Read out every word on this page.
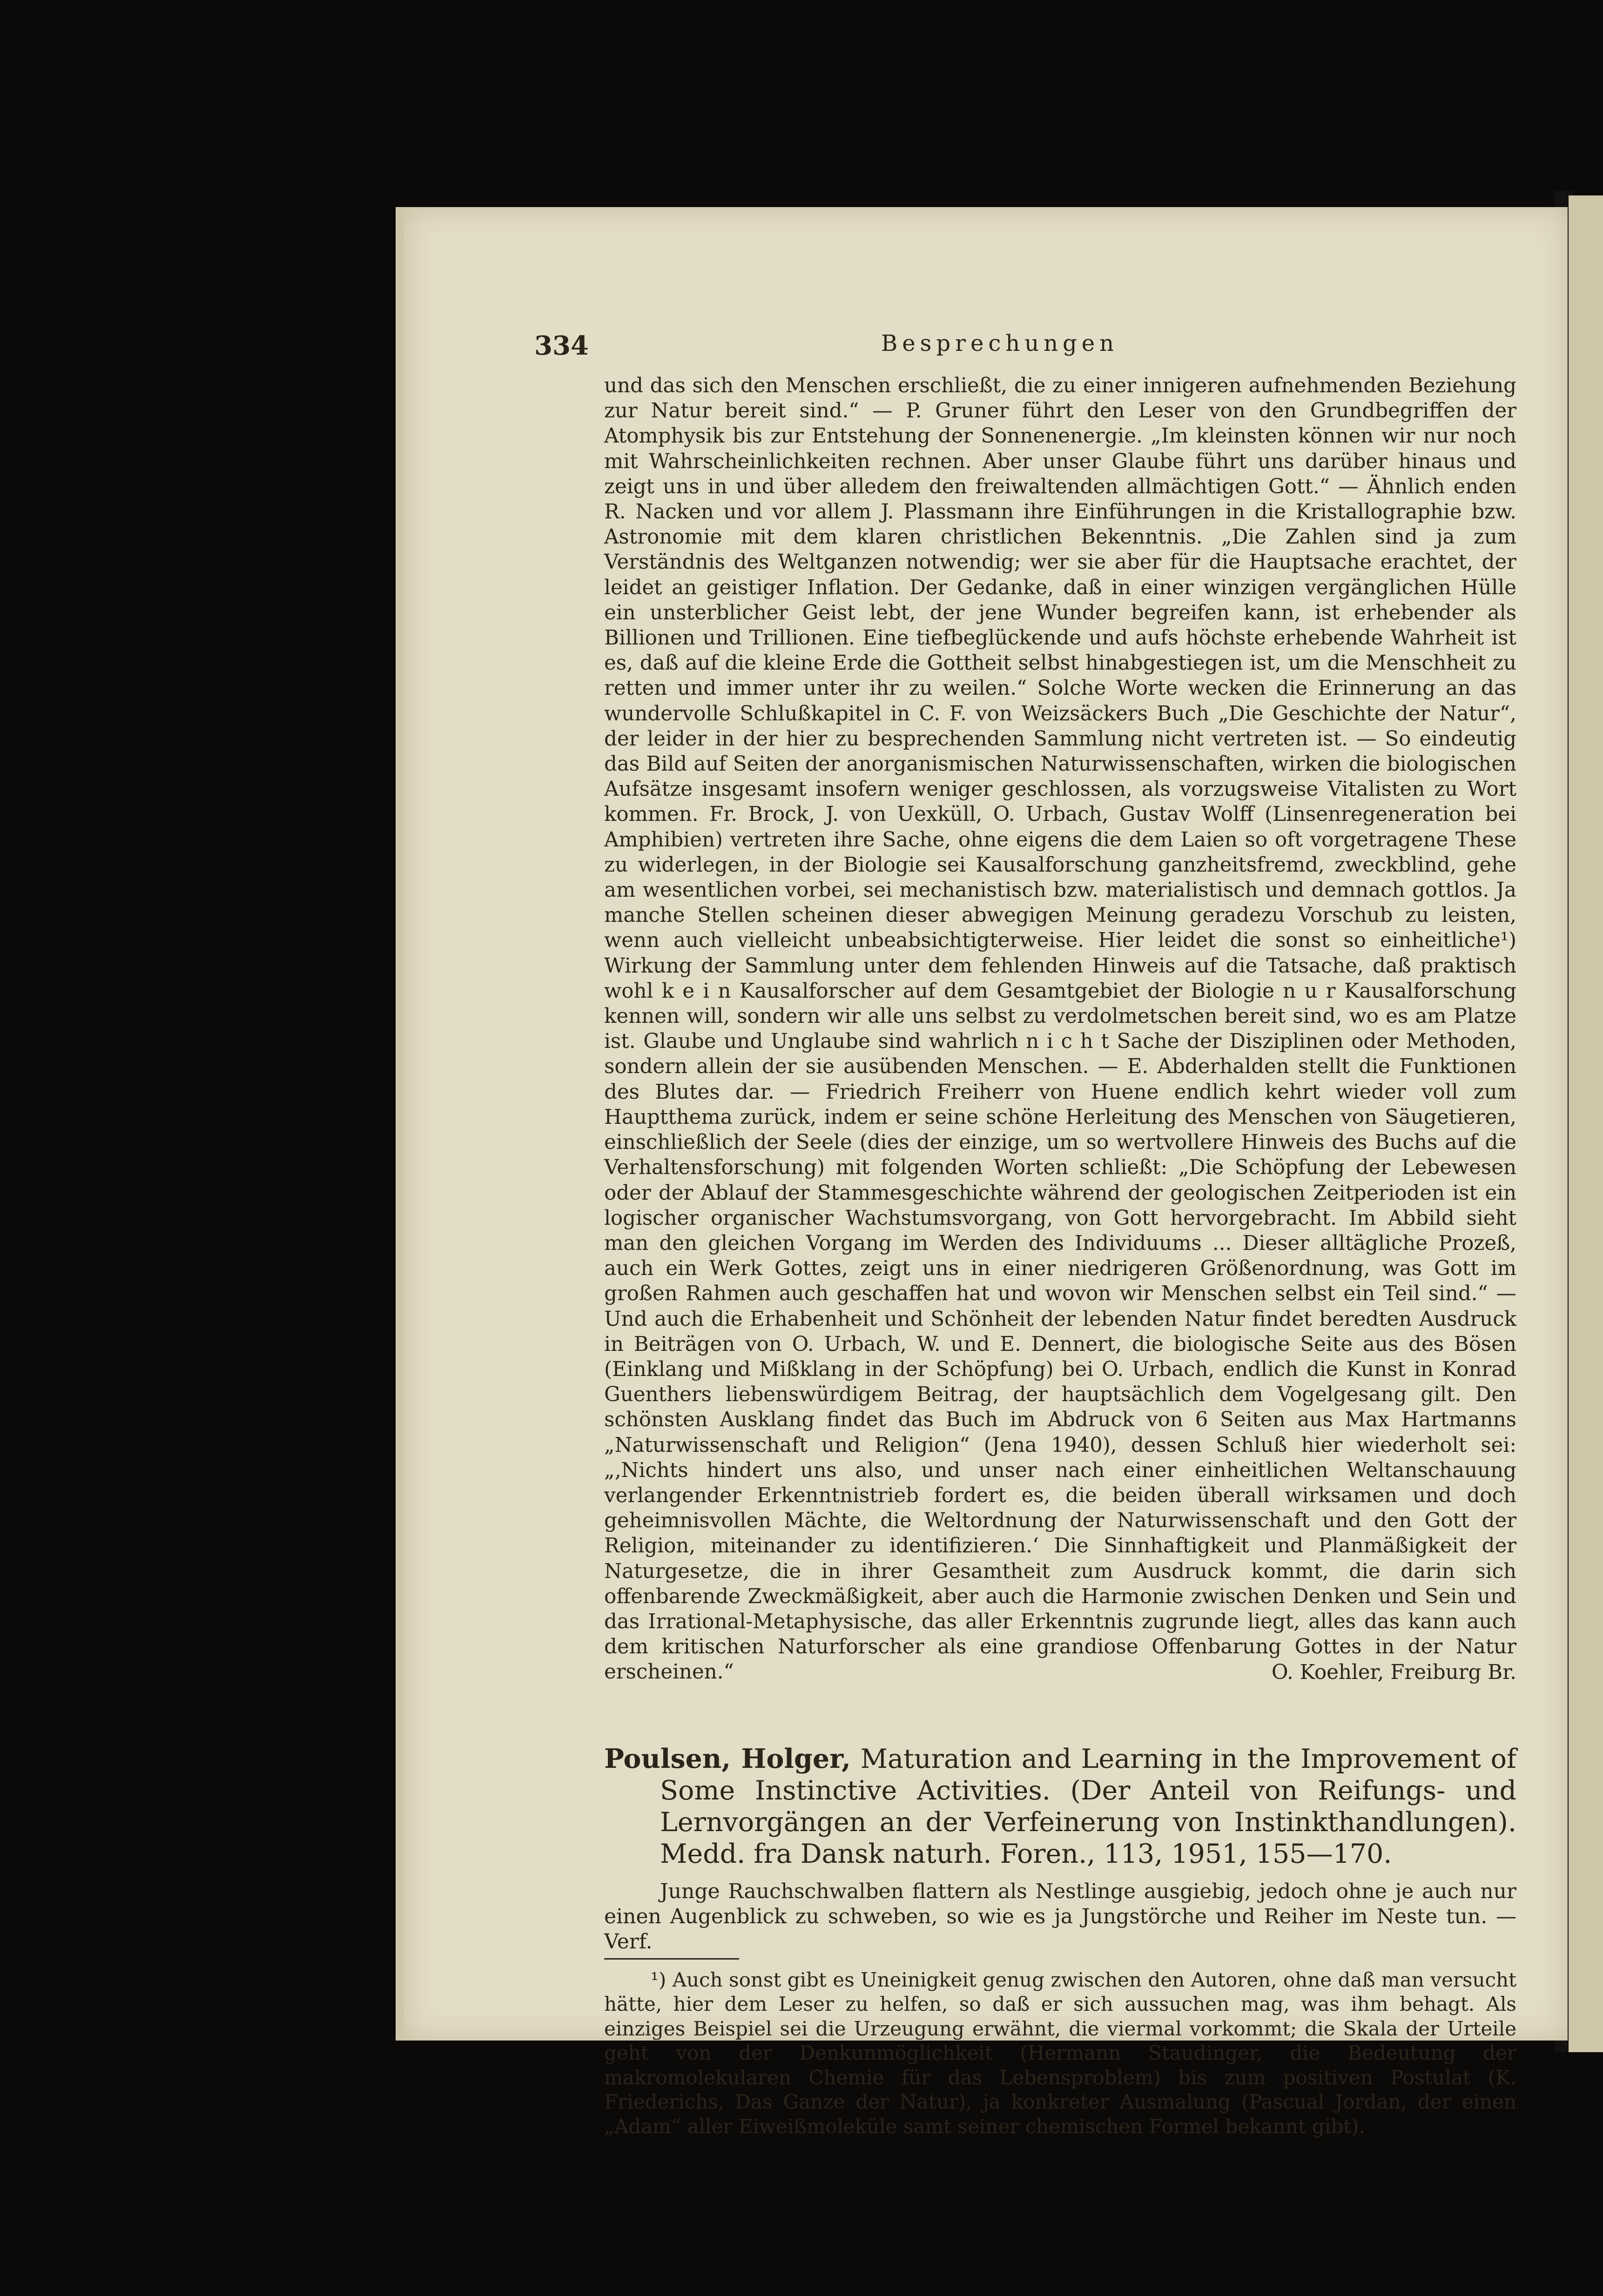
334	Besprechungen

und das sich den Menschen erschließt, die zu einer innigeren aufnehmenden Beziehung zur Natur bereit sind.“ — P. Gruner führt den Leser von den Grundbegriffen der Atomphysik bis zur Entstehung der Sonnenenergie. „Im kleinsten können wir nur noch mit Wahrscheinlichkeiten rechnen. Aber unser Glaube führt uns darüber hinaus und zeigt uns in und über alledem den freiwaltenden allmächtigen Gott.“ — Ähnlich enden R. Nacken und vor allem J. Plassmann ihre Einführungen in die Kristallographie bzw. Astronomie mit dem klaren christlichen Bekenntnis. „Die Zahlen sind ja zum Verständnis des Weltganzen notwendig; wer sie aber für die Hauptsache erachtet, der leidet an geistiger Inflation. Der Gedanke, daß in einer winzigen vergänglichen Hülle ein unsterblicher Geist lebt, der jene Wunder begreifen kann, ist erhebender als Billionen und Trillionen. Eine tiefbeglückende und aufs höchste erhebende Wahrheit ist es, daß auf die kleine Erde die Gottheit selbst hinabgestiegen ist, um die Menschheit zu retten und immer unter ihr zu weilen.“ Solche Worte wecken die Erinnerung an das wundervolle Schlußkapitel in C. F. von Weizsäckers Buch „Die Geschichte der Natur“, der leider in der hier zu besprechenden Sammlung nicht vertreten ist. — So eindeutig das Bild auf Seiten der anorganismischen Naturwissenschaften, wirken die biologischen Aufsätze insgesamt insofern weniger geschlossen, als vorzugsweise Vitalisten zu Wort kommen. Fr. Brock, J. von Uexküll, O. Urbach, Gustav Wolff (Linsenregeneration bei Amphibien) vertreten ihre Sache, ohne eigens die dem Laien so oft vorgetragene These zu widerlegen, in der Biologie sei Kausalforschung ganzheitsfremd, zweckblind, gehe am wesentlichen vorbei, sei mechanistisch bzw. materialistisch und demnach gottlos. Ja manche Stellen scheinen dieser abwegigen Meinung geradezu Vorschub zu leisten, wenn auch vielleicht unbeabsichtigterweise. Hier leidet die sonst so einheitliche¹) Wirkung der Sammlung unter dem fehlenden Hinweis auf die Tatsache, daß praktisch wohl k e i n Kausalforscher auf dem Gesamtgebiet der Biologie n u r Kausalforschung kennen will, sondern wir alle uns selbst zu verdolmetschen bereit sind, wo es am Platze ist. Glaube und Unglaube sind wahrlich n i c h t Sache der Disziplinen oder Methoden, sondern allein der sie ausübenden Menschen. — E. Abderhalden stellt die Funktionen des Blutes dar. — Friedrich Freiherr von Huene endlich kehrt wieder voll zum Hauptthema zurück, indem er seine schöne Herleitung des Menschen von Säugetieren, einschließlich der Seele (dies der einzige, um so wertvollere Hinweis des Buchs auf die Verhaltensforschung) mit folgenden Worten schließt: „Die Schöpfung der Lebewesen oder der Ablauf der Stammesgeschichte während der geologischen Zeitperioden ist ein logischer organischer Wachstumsvorgang, von Gott hervorgebracht. Im Abbild sieht man den gleichen Vorgang im Werden des Individuums ... Dieser alltägliche Prozeß, auch ein Werk Gottes, zeigt uns in einer niedrigeren Größenordnung, was Gott im großen Rahmen auch geschaffen hat und wovon wir Menschen selbst ein Teil sind.“ — Und auch die Erhabenheit und Schönheit der lebenden Natur findet beredten Ausdruck in Beiträgen von O. Urbach, W. und E. Dennert, die biologische Seite aus des Bösen (Einklang und Mißklang in der Schöpfung) bei O. Urbach, endlich die Kunst in Konrad Guenthers liebenswürdigem Beitrag, der hauptsächlich dem Vogelgesang gilt. Den schönsten Ausklang findet das Buch im Abdruck von 6 Seiten aus Max Hartmanns „Naturwissenschaft und Religion“ (Jena 1940), dessen Schluß hier wiederholt sei: „‚Nichts hindert uns also, und unser nach einer einheitlichen Weltanschauung verlangender Erkenntnistrieb fordert es, die beiden überall wirksamen und doch geheimnisvollen Mächte, die Weltordnung der Naturwissenschaft und den Gott der Religion, miteinander zu identifizieren.‘ Die Sinnhaftigkeit und Planmäßigkeit der Naturgesetze, die in ihrer Gesamtheit zum Ausdruck kommt, die darin sich offenbarende Zweckmäßigkeit, aber auch die Harmonie zwischen Denken und Sein und das Irrational-Metaphysische, das aller Erkenntnis zugrunde liegt, alles das kann auch dem kritischen Naturforscher als eine grandiose Offenbarung Gottes in der Natur erscheinen.“	O. Koehler, Freiburg Br.

Poulsen, Holger, Maturation and Learning in the Improvement of Some Instinctive Activities. (Der Anteil von Reifungs- und Lernvorgängen an der Verfeinerung von Instinkthandlungen). Medd. fra Dansk naturh. Foren., 113, 1951, 155—170.
Junge Rauchschwalben flattern als Nestlinge ausgiebig, jedoch ohne je auch nur einen Augenblick zu schweben, so wie es ja Jungstörche und Reiher im Neste tun. — Verf.

¹) Auch sonst gibt es Uneinigkeit genug zwischen den Autoren, ohne daß man versucht hätte, hier dem Leser zu helfen, so daß er sich aussuchen mag, was ihm behagt. Als einziges Beispiel sei die Urzeugung erwähnt, die viermal vorkommt; die Skala der Urteile geht von der Denkunmöglichkeit (Hermann Staudinger, die Bedeutung der makromolekularen Chemie für das Lebensproblem) bis zum positiven Postulat (K. Friederichs, Das Ganze der Natur), ja konkreter Ausmalung (Pascual Jordan, der einen „Adam“ aller Eiweißmoleküle samt seiner chemischen Formel bekannt gibt).
